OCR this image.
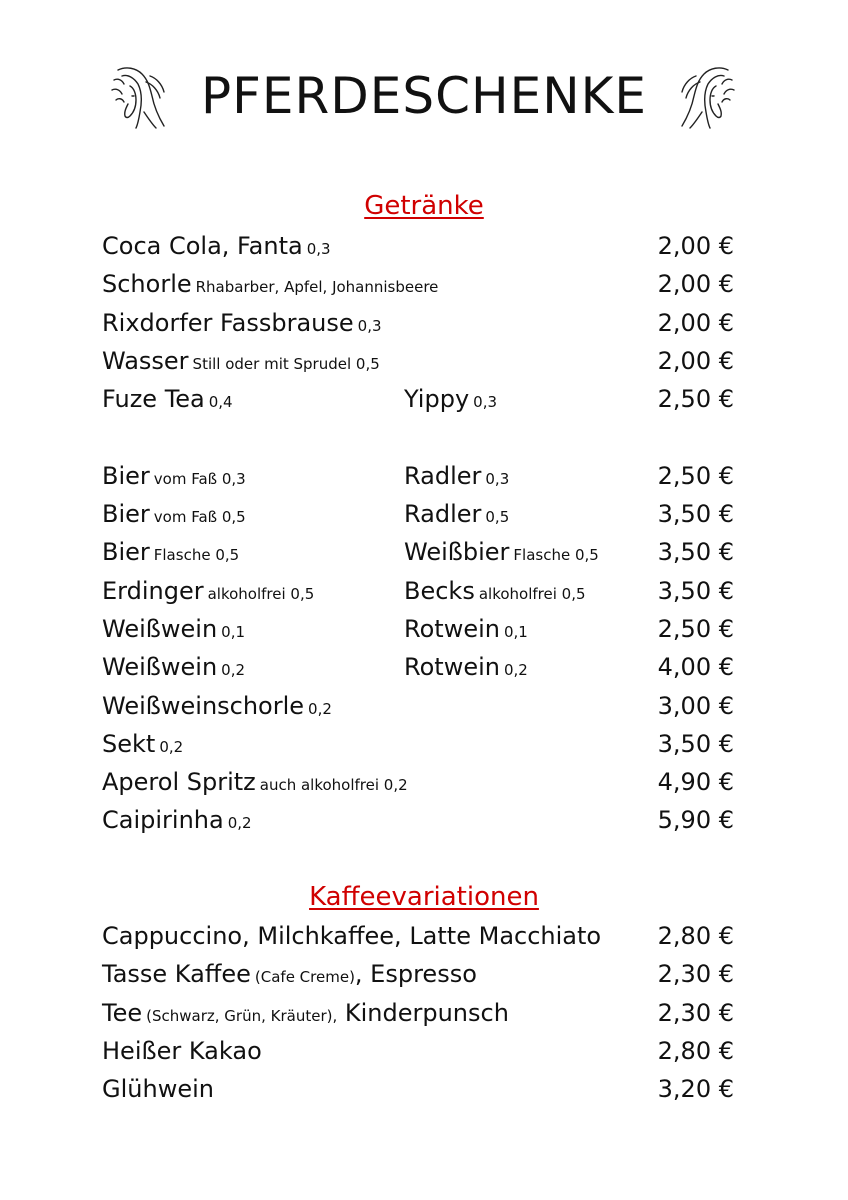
PFERDESCHENKE
Getränke
Coca Cola, Fanta 0,3	2,00 €
Schorle Rhabarber, Apfel, Johannisbeere	2,00 €
Rixdorfer Fassbrause 0,3	2,00 €
Wasser Still oder mit Sprudel 0,5	2,00 €
Fuze Tea 0,4	Yippy 0,3	2,50 €
Bier vom Faß 0,3	Radler 0,3	2,50 €
Bier vom Faß 0,5	Radler 0,5	3,50 €
Bier Flasche 0,5	Weißbier Flasche 0,5 3,50 €
Erdinger alkoholfrei 0,5	Becks alkoholfrei 0,5	3,50 €
Weißwein 0,1	Rotwein 0,1	2,50 €
Weißwein 0,2	Rotwein 0,2	4,00 €
Weißweinschorle 0,2	3,00 €
Sekt 0,2	3,50 €
Aperol Spritz auch alkoholfrei 0,2	4,90 €
Caipirinha 0,2	5,90 €
Kaffeevariationen
Cappuccino, Milchkaffee, Latte Macchiato 2,80 €
Tasse Kaffee (Cafe Creme), Espresso	2,30 €
Tee (Schwarz, Grün, Kräuter), Kinderpunsch	2,30 €
Heißer Kakao	2,80 €
Glühwein	3,20 €
